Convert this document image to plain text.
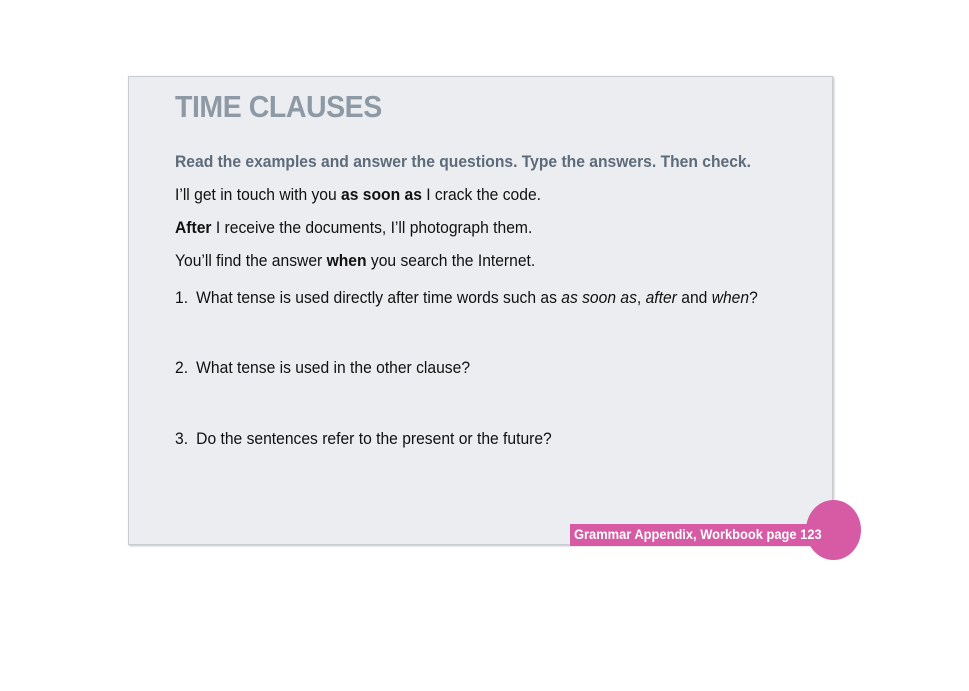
TIME CLAUSES
Read the examples and answer the questions. Type the answers. Then check.
I’ll get in touch with you as soon as I crack the code.
After I receive the documents, I’ll photograph them.
You’ll find the answer when you search the Internet.
1. What tense is used directly after time words such as as soon as, after and when?
2. What tense is used in the other clause?
3. Do the sentences refer to the present or the future?
Grammar Appendix, Workbook page 123
